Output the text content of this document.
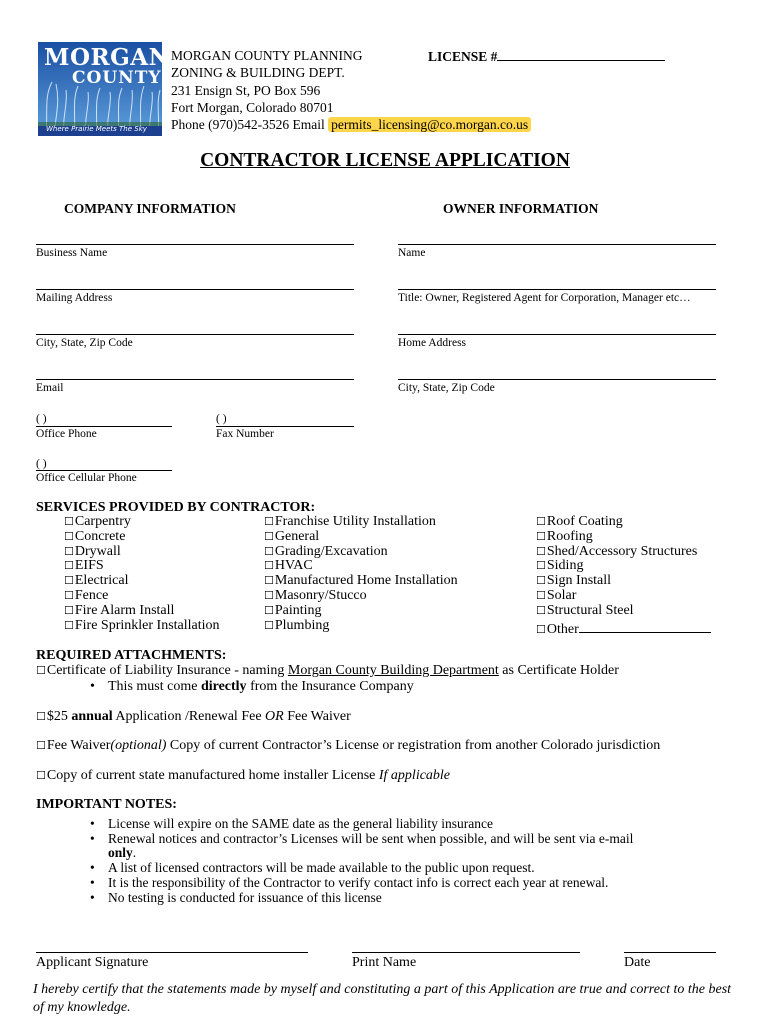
MORGAN
COUNTY
Where Prairie Meets The Sky
MORGAN COUNTY PLANNING
ZONING & BUILDING DEPT.
231 Ensign St, PO Box 596
Fort Morgan, Colorado 80701
Phone (970)542-3526 Email permits_licensing@co.morgan.co.us
LICENSE #
CONTRACTOR LICENSE APPLICATION
COMPANY INFORMATION	OWNER INFORMATION
Business Name
Mailing Address
City, State, Zip Code
Email
Name
Title: Owner, Registered Agent for Corporation, Manager etc…
Home Address
City, State, Zip Code
( )
Office Phone
( )
Fax Number
( )
Office Cellular Phone
SERVICES PROVIDED BY CONTRACTOR:
☐Carpentry
☐Concrete
☐Drywall
☐EIFS
☐Electrical
☐Fence
☐Fire Alarm Install
☐Fire Sprinkler Installation
☐Franchise Utility Installation
☐General
☐Grading/Excavation
☐HVAC
☐Manufactured Home Installation
☐Masonry/Stucco
☐Painting
☐Plumbing
☐Roof Coating
☐Roofing
☐Shed/Accessory Structures
☐Siding
☐Sign Install
☐Solar
☐Structural Steel
☐Other
REQUIRED ATTACHMENTS:
☐Certificate of Liability Insurance - naming Morgan County Building Department as Certificate Holder
• This must come directly from the Insurance Company
☐$25 annual Application /Renewal Fee OR Fee Waiver
☐Fee Waiver(optional) Copy of current Contractor’s License or registration from another Colorado jurisdiction
☐Copy of current state manufactured home installer License If applicable
IMPORTANT NOTES:
• License will expire on the SAME date as the general liability insurance
• Renewal notices and contractor’s Licenses will be sent when possible, and will be sent via e-mail
only.
• A list of licensed contractors will be made available to the public upon request.
• It is the responsibility of the Contractor to verify contact info is correct each year at renewal.
• No testing is conducted for issuance of this license
Applicant Signature	Print Name	Date
I hereby certify that the statements made by myself and constituting a part of this Application are true and correct to the best of my knowledge.
